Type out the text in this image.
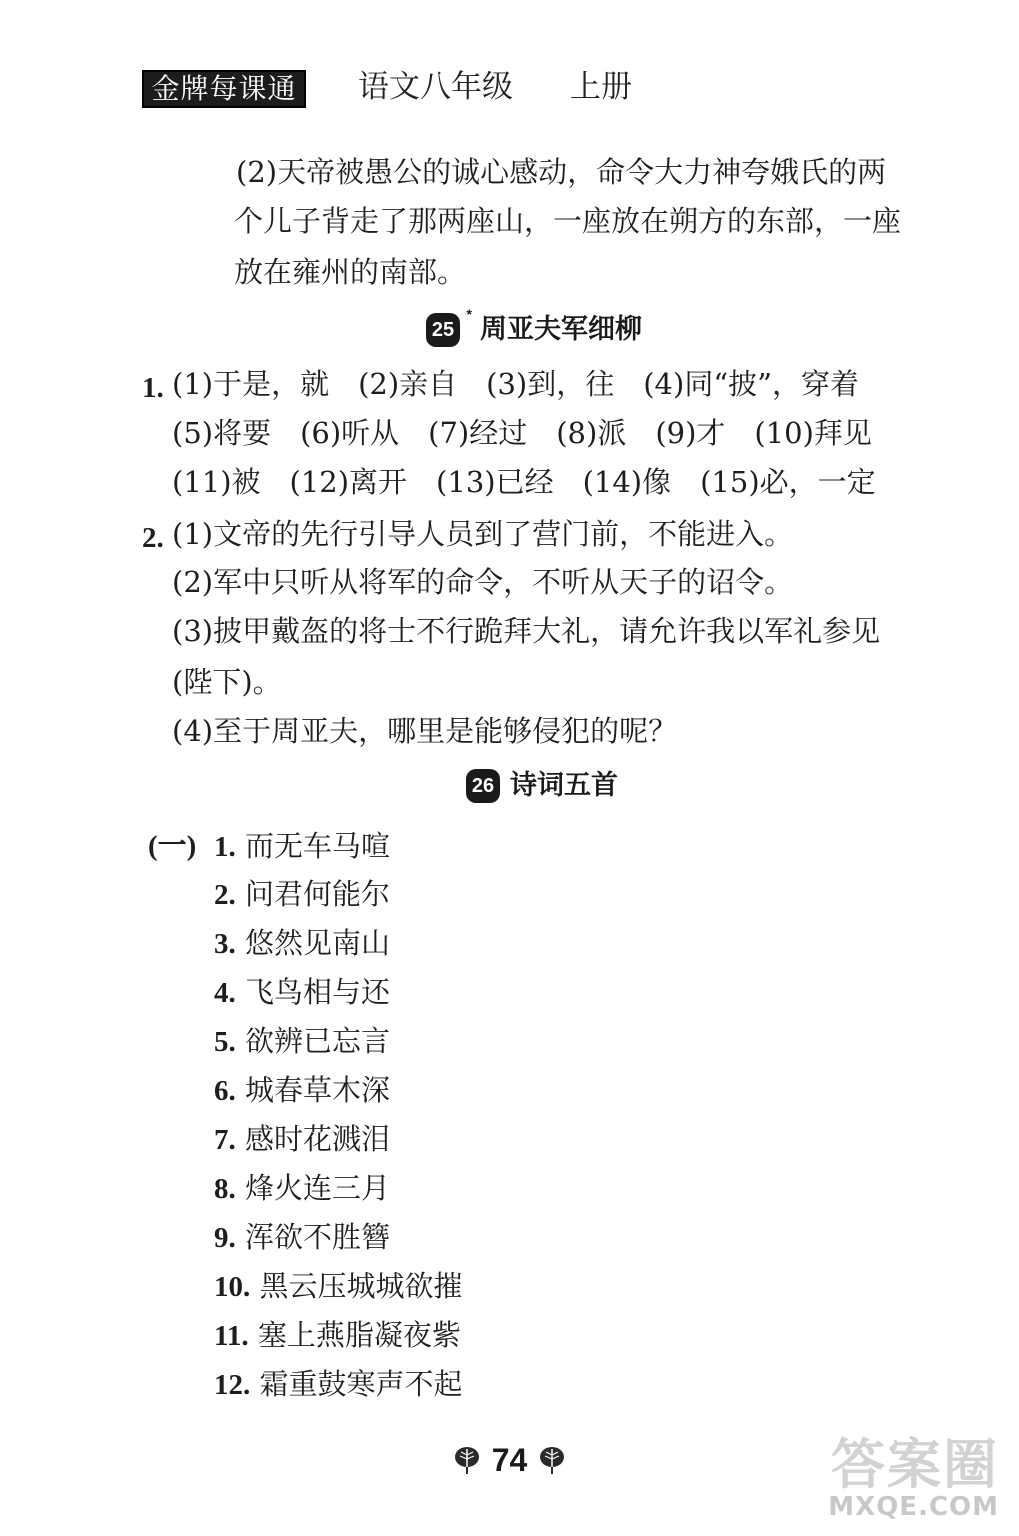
金牌每课通	语文八年级 上册
(2)天帝被愚公的诚心感动，命令大力神夸娥氏的两
个儿子背走了那两座山，一座放在朔方的东部，一座
放在雍州的南部。
25
* 周亚夫军细柳
1. (1)于是，就　(2)亲自　(3)到，往　(4)同“披”，穿着
(5)将要　(6)听从　(7)经过　(8)派　(9)才　(10)拜见
(11)被　(12)离开　(13)已经　(14)像　(15)必，一定
2. (1)文帝的先行引导人员到了营门前，不能进入。
(2)军中只听从将军的命令，不听从天子的诏令。
(3)披甲戴盔的将士不行跪拜大礼，请允许我以军礼参见
(陛下)。
(4)至于周亚夫，哪里是能够侵犯的呢？
26 诗词五首
(一) 1. 而无车马喧
2. 问君何能尔
3. 悠然见南山
4. 飞鸟相与还
5. 欲辨已忘言
6. 城春草木深
7. 感时花溅泪
8. 烽火连三月
9. 浑欲不胜簪
10. 黑云压城城欲摧
11. 塞上燕脂凝夜紫
12. 霜重鼓寒声不起
74	答案圈
MXQE.COM
